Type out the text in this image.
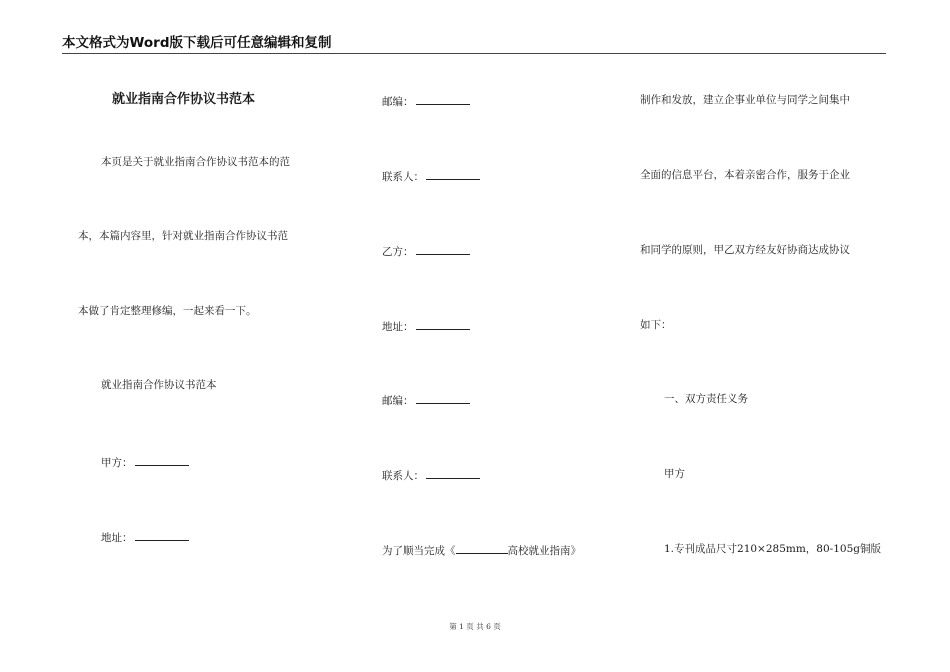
本文格式为Word版下载后可任意编辑和复制
就业指南合作协议书范本
本页是关于就业指南合作协议书范本的范
本，本篇内容里，针对就业指南合作协议书范
本做了肯定整理修编，一起来看一下。
就业指南合作协议书范本
甲方：
地址：
邮编：
联系人：
乙方：
地址：
邮编：
联系人：
为了顺当完成《	高校就业指南》
制作和发放，建立企事业单位与同学之间集中
全面的信息平台，本着亲密合作，服务于企业
和同学的原则，甲乙双方经友好协商达成协议
如下：
一、双方责任义务
甲方
1.专刊成品尺寸210×285mm，80-105g铜版
第 1 页 共 6 页
